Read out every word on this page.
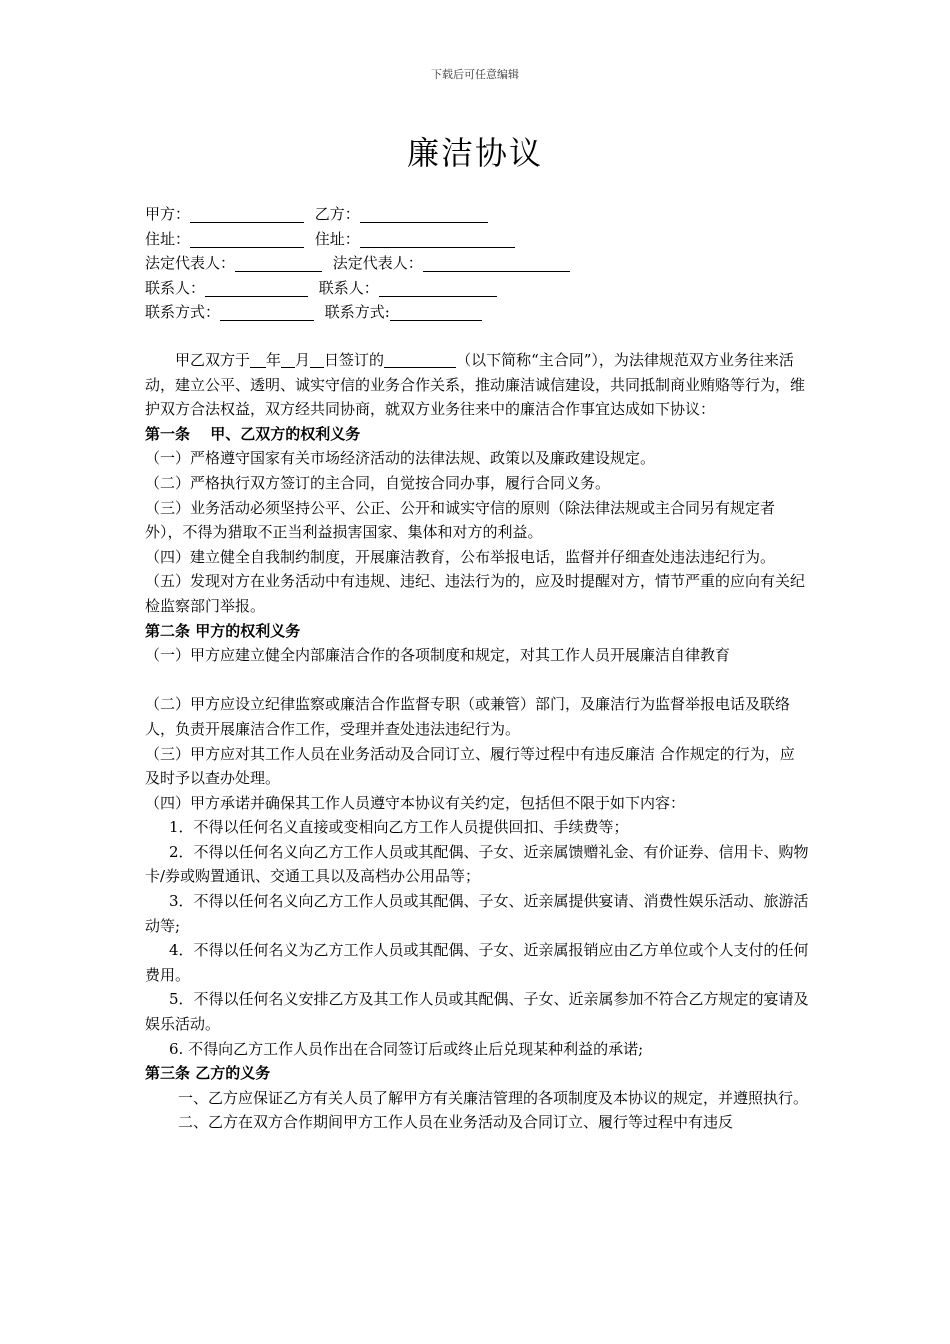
下载后可任意编辑
廉洁协议
甲方：	乙方：
住址：	住址：
法定代表人：	法定代表人：
联系人：	联系人：
联系方式：	联系方式:

甲乙双方于 年 月 日签订的	（以下简称“主合同”），为法律规范双方业务往来活动，建立公平、透明、诚实守信的业务合作关系，推动廉洁诚信建设，共同抵制商业贿赂等行为，维护双方合法权益，双方经共同协商，就双方业务往来中的廉洁合作事宜达成如下协议：

第一条　 甲、乙双方的权利义务

（一）严格遵守国家有关市场经济活动的法律法规、政策以及廉政建设规定。

（二）严格执行双方签订的主合同，自觉按合同办事，履行合同义务。

（三）业务活动必须坚持公平、公正、公开和诚实守信的原则（除法律法规或主合同另有规定者外），不得为猎取不正当利益损害国家、集体和对方的利益。

（四）建立健全自我制约制度，开展廉洁教育，公布举报电话，监督并仔细查处违法违纪行为。

（五）发现对方在业务活动中有违规、违纪、违法行为的，应及时提醒对方，情节严重的应向有关纪检监察部门举报。

第二条 甲方的权利义务

（一）甲方应建立健全内部廉洁合作的各项制度和规定，对其工作人员开展廉洁自律教育

（二）甲方应设立纪律监察或廉洁合作监督专职（或兼管）部门，及廉洁行为监督举报电话及联络人，负责开展廉洁合作工作，受理并查处违法违纪行为。

（三）甲方应对其工作人员在业务活动及合同订立、履行等过程中有违反廉洁 合作规定的行为，应及时予以查办处理。

（四）甲方承诺并确保其工作人员遵守本协议有关约定，包括但不限于如下内容：

1．不得以任何名义直接或变相向乙方工作人员提供回扣、手续费等；

2．不得以任何名义向乙方工作人员或其配偶、子女、近亲属馈赠礼金、有价证券、信用卡、购物卡/券或购置通讯、交通工具以及高档办公用品等；

3．不得以任何名义向乙方工作人员或其配偶、子女、近亲属提供宴请、消费性娱乐活动、旅游活动等;

4．不得以任何名义为乙方工作人员或其配偶、子女、近亲属报销应由乙方单位或个人支付的任何费用。

5．不得以任何名义安排乙方及其工作人员或其配偶、子女、近亲属参加不符合乙方规定的宴请及娱乐活动。

6. 不得向乙方工作人员作出在合同签订后或终止后兑现某种利益的承诺;

第三条 乙方的义务

一、乙方应保证乙方有关人员了解甲方有关廉洁管理的各项制度及本协议的规定，并遵照执行。

二、乙方在双方合作期间甲方工作人员在业务活动及合同订立、履行等过程中有违反
